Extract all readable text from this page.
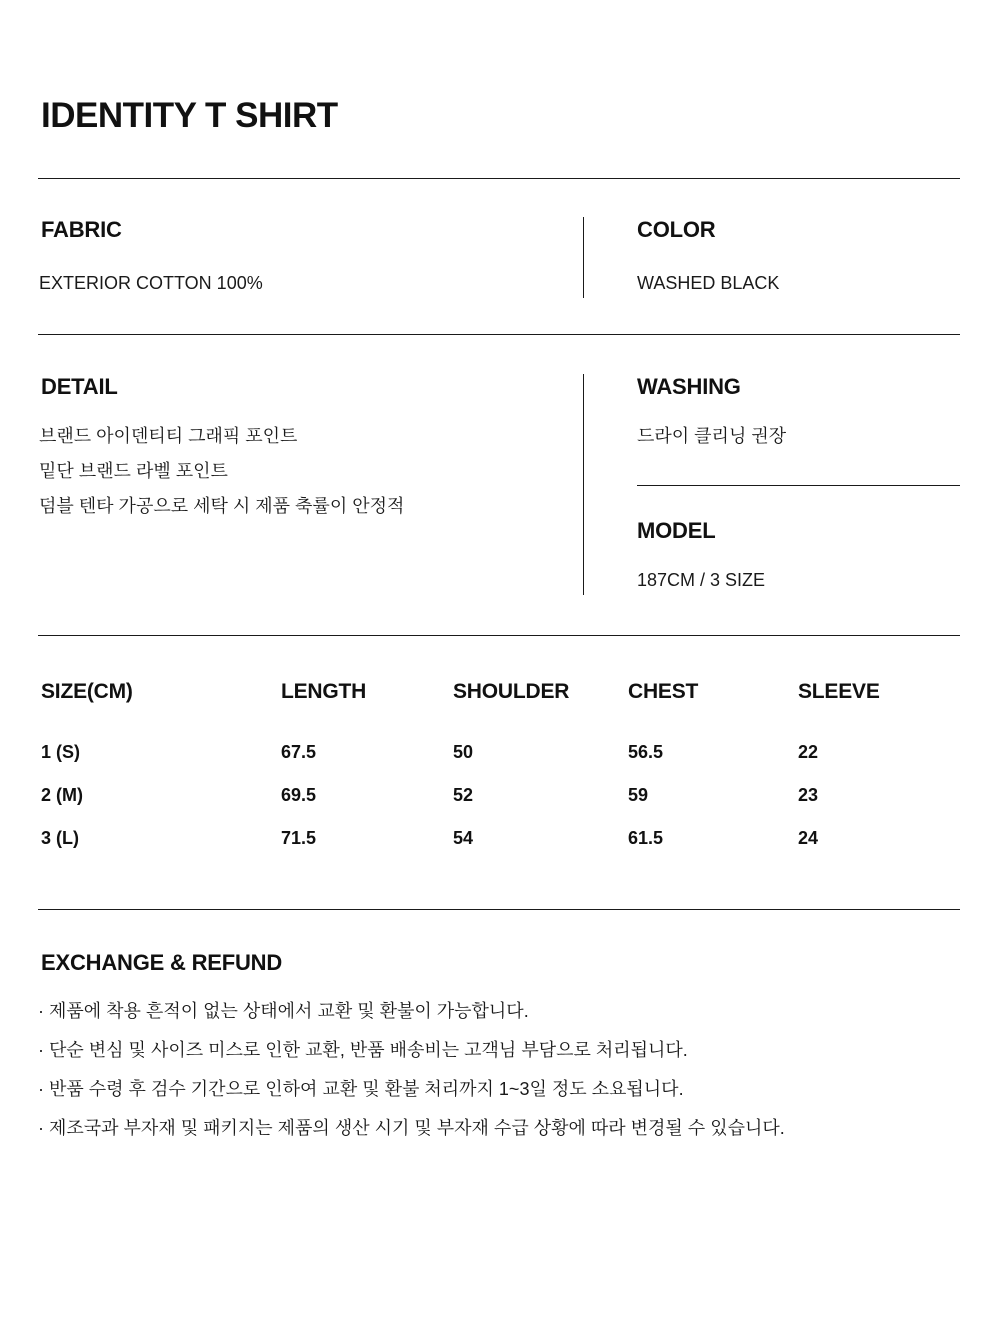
IDENTITY T SHIRT
FABRIC

EXTERIOR COTTON 100%

COLOR

WASHED BLACK

DETAIL

브랜드 아이덴티티 그래픽 포인트

밑단 브랜드 라벨 포인트

덤블 텐타 가공으로 세탁 시 제품 축률이 안정적

WASHING

드라이 클리닝 권장

MODEL

187CM / 3 SIZE

SIZE(CM)	LENGTH	SHOULDER	CHEST	SLEEVE
1 (S)	67.5	50	56.5	22
2 (M)	69.5	52	59	23
3 (L)	71.5	54	61.5	24
EXCHANGE & REFUND

· 제품에 착용 흔적이 없는 상태에서 교환 및 환불이 가능합니다.

· 단순 변심 및 사이즈 미스로 인한 교환, 반품 배송비는 고객님 부담으로 처리됩니다.

· 반품 수령 후 검수 기간으로 인하여 교환 및 환불 처리까지 1~3일 정도 소요됩니다.

· 제조국과 부자재 및 패키지는 제품의 생산 시기 및 부자재 수급 상황에 따라 변경될 수 있습니다.
